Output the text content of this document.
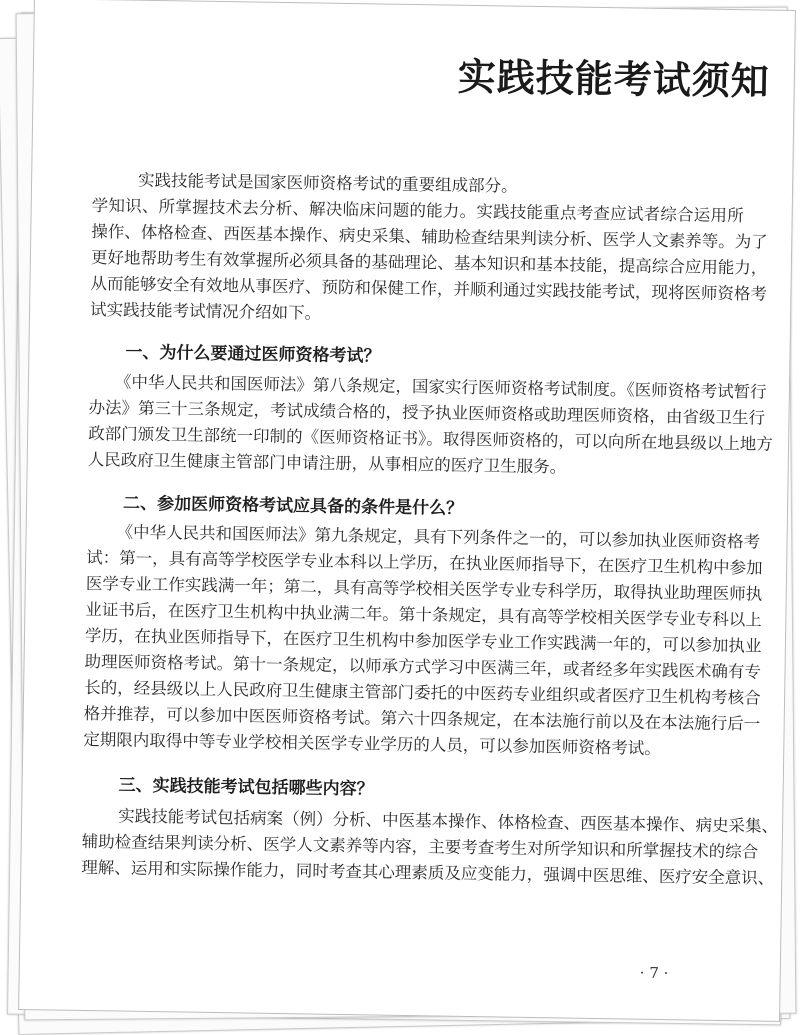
实践技能考试须知
实践技能考试是国家医师资格考试的重要组成部分。
学知识、所掌握技术去分析、解决临床问题的能力。实践技能重点考查应试者综合运用所
操作、体格检查、西医基本操作、病史采集、辅助检查结果判读分析、医学人文素养等。为了
更好地帮助考生有效掌握所必须具备的基础理论、基本知识和基本技能，提高综合应用能力，
从而能够安全有效地从事医疗、预防和保健工作，并顺利通过实践技能考试，现将医师资格考
试实践技能考试情况介绍如下。
一、为什么要通过医师资格考试？
《中华人民共和国医师法》第八条规定，国家实行医师资格考试制度。《医师资格考试暂行
办法》第三十三条规定，考试成绩合格的，授予执业医师资格或助理医师资格，由省级卫生行
政部门颁发卫生部统一印制的《医师资格证书》。取得医师资格的，可以向所在地县级以上地方
人民政府卫生健康主管部门申请注册，从事相应的医疗卫生服务。
二、参加医师资格考试应具备的条件是什么？
《中华人民共和国医师法》第九条规定，具有下列条件之一的，可以参加执业医师资格考
试：第一，具有高等学校医学专业本科以上学历，在执业医师指导下，在医疗卫生机构中参加
医学专业工作实践满一年；第二，具有高等学校相关医学专业专科学历，取得执业助理医师执
业证书后，在医疗卫生机构中执业满二年。第十条规定，具有高等学校相关医学专业专科以上
学历，在执业医师指导下，在医疗卫生机构中参加医学专业工作实践满一年的，可以参加执业
助理医师资格考试。第十一条规定，以师承方式学习中医满三年，或者经多年实践医术确有专
长的，经县级以上人民政府卫生健康主管部门委托的中医药专业组织或者医疗卫生机构考核合
格并推荐，可以参加中医医师资格考试。第六十四条规定，在本法施行前以及在本法施行后一
定期限内取得中等专业学校相关医学专业学历的人员，可以参加医师资格考试。
三、实践技能考试包括哪些内容？
实践技能考试包括病案（例）分析、中医基本操作、体格检查、西医基本操作、病史采集、
辅助检查结果判读分析、医学人文素养等内容，主要考查考生对所学知识和所掌握技术的综合
理解、运用和实际操作能力，同时考查其心理素质及应变能力，强调中医思维、医疗安全意识、
· 7 ·
